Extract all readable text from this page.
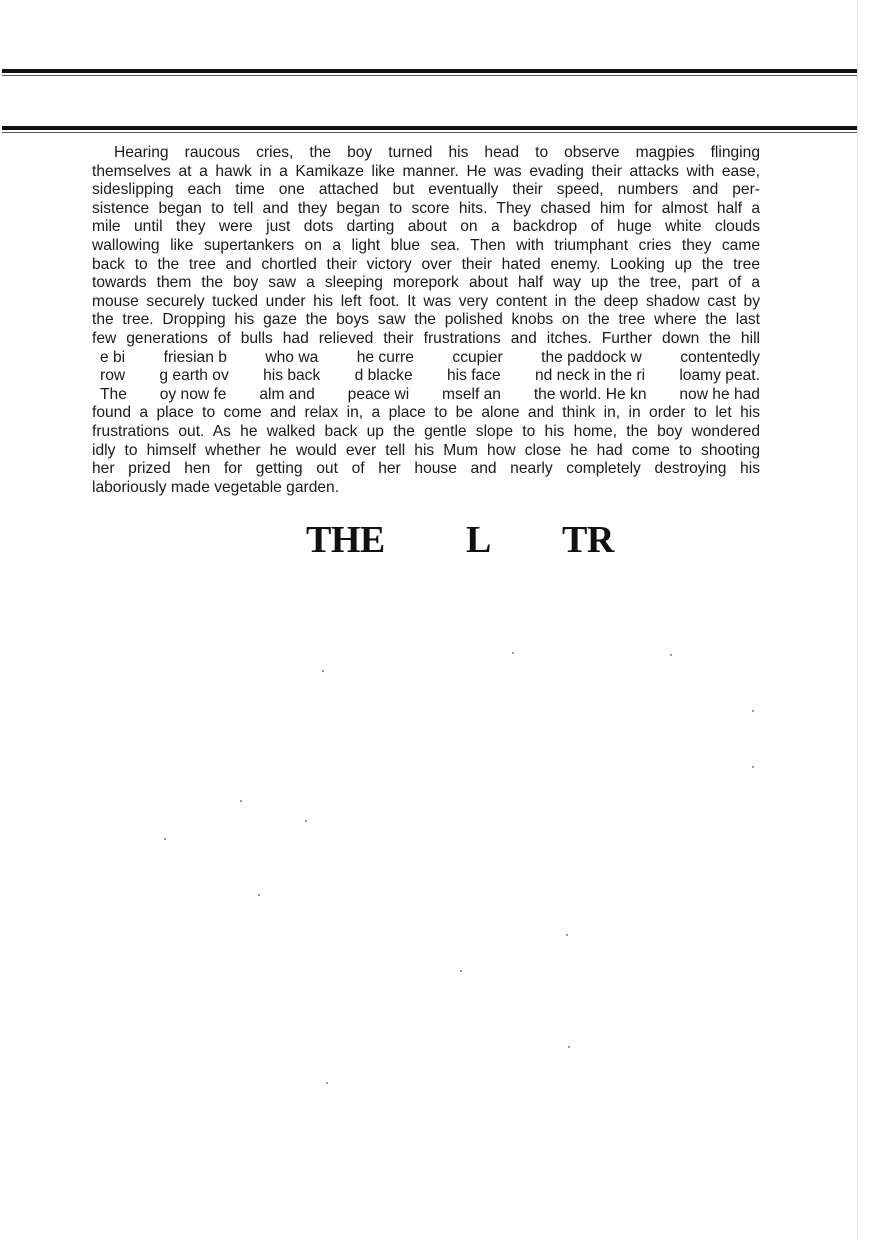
Hearing raucous cries, the boy turned his head to observe magpies flinging
themselves at a hawk in a Kamikaze like manner. He was evading their attacks with ease,
sideslipping each time one attached but eventually their speed, numbers and per-
sistence began to tell and they began to score hits. They chased him for almost half a
mile until they were just dots darting about on a backdrop of huge white clouds
wallowing like supertankers on a light blue sea. Then with triumphant cries they came
back to the tree and chortled their victory over their hated enemy. Looking up the tree
towards them the boy saw a sleeping morepork about half way up the tree, part of a
mouse securely tucked under his left foot. It was very content in the deep shadow cast by
the tree. Dropping his gaze the boys saw the polished knobs on the tree where the last
few generations of bulls had relieved their frustrations and itches. Further down the hill
e bi friesian b who wa he curre ccupier the paddock w contentedly
row g earth ov his back d blacke his face nd neck in the ri loamy peat.
The oy now fe alm and peace wi mself an the world. He kn now he had
found a place to come and relax in, a place to be alone and think in, in order to let his
frustrations out. As he walked back up the gentle slope to his home, the boy wondered
idly to himself whether he would ever tell his Mum how close he had come to shooting
her prized hen for getting out of her house and nearly completely destroying his
laboriously made vegetable garden.
THE L TR
